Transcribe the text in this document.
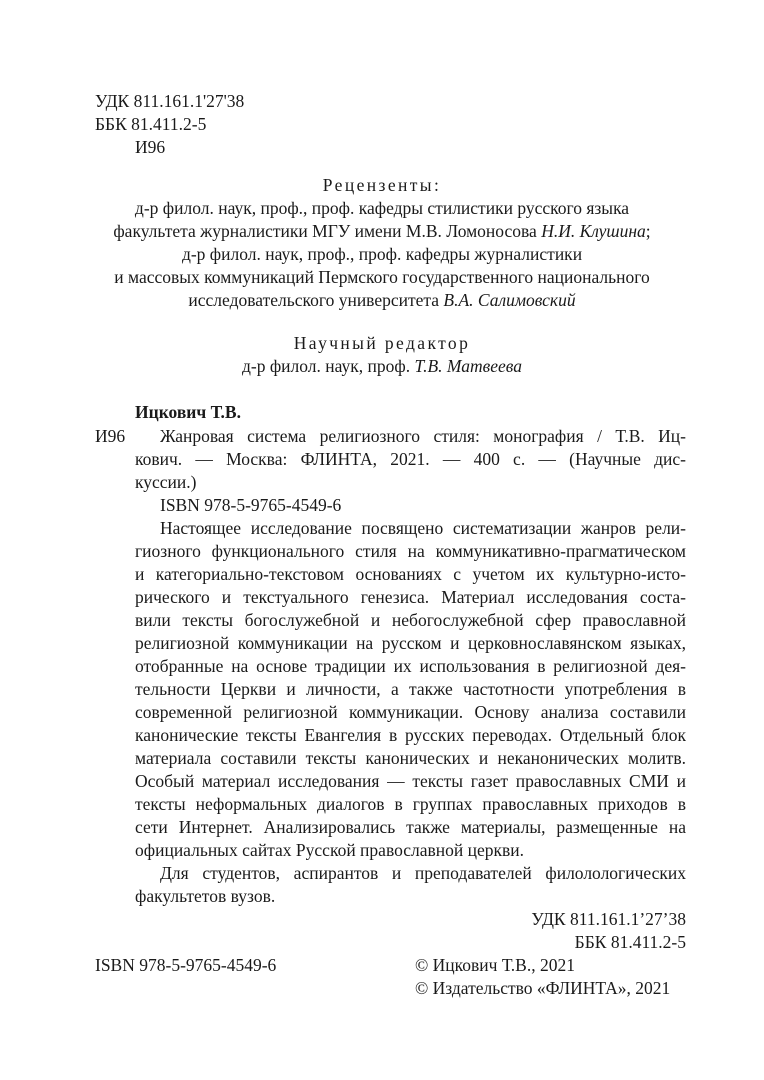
УДК 811.161.1'27'38
ББК 81.411.2-5
И96
Рецензенты:
д-р филол. наук, проф., проф. кафедры стилистики русского языка
факультета журналистики МГУ имени М.В. Ломоносова Н.И. Клушина;
д-р филол. наук, проф., проф. кафедры журналистики
и массовых коммуникаций Пермского государственного национального
исследовательского университета В.А. Салимовский
Научный редактор
д-р филол. наук, проф. Т.В. Матвеева
Ицкович Т.В.
И96 Жанровая система религиозного стиля: монография / Т.В. Иц-
кович. — Москва: ФЛИНТА, 2021. — 400 с. — (Научные дис-
куссии.)
ISBN 978-5-9765-4549-6
Настоящее исследование посвящено систематизации жанров рели-
гиозного функционального стиля на коммуникативно-прагматическом
и категориально-текстовом основаниях с учетом их культурно-исто-
рического и текстуального генезиса. Материал исследования соста-
вили тексты богослужебной и небогослужебной сфер православной
религиозной коммуникации на русском и церковнославянском языках,
отобранные на основе традиции их использования в религиозной дея-
тельности Церкви и личности, а также частотности употребления в
современной религиозной коммуникации. Основу анализа составили
канонические тексты Евангелия в русских переводах. Отдельный блок
материала составили тексты канонических и неканонических молитв.
Особый материал исследования — тексты газет православных СМИ и
тексты неформальных диалогов в группах православных приходов в
сети Интернет. Анализировались также материалы, размещенные на
официальных сайтах Русской православной церкви.
Для студентов, аспирантов и преподавателей филолологических
факультетов вузов.
УДК 811.161.1’27’38
ББК 81.411.2-5
ISBN 978-5-9765-4549-6	© Ицкович Т.В., 2021
© Издательство «ФЛИНТА», 2021
